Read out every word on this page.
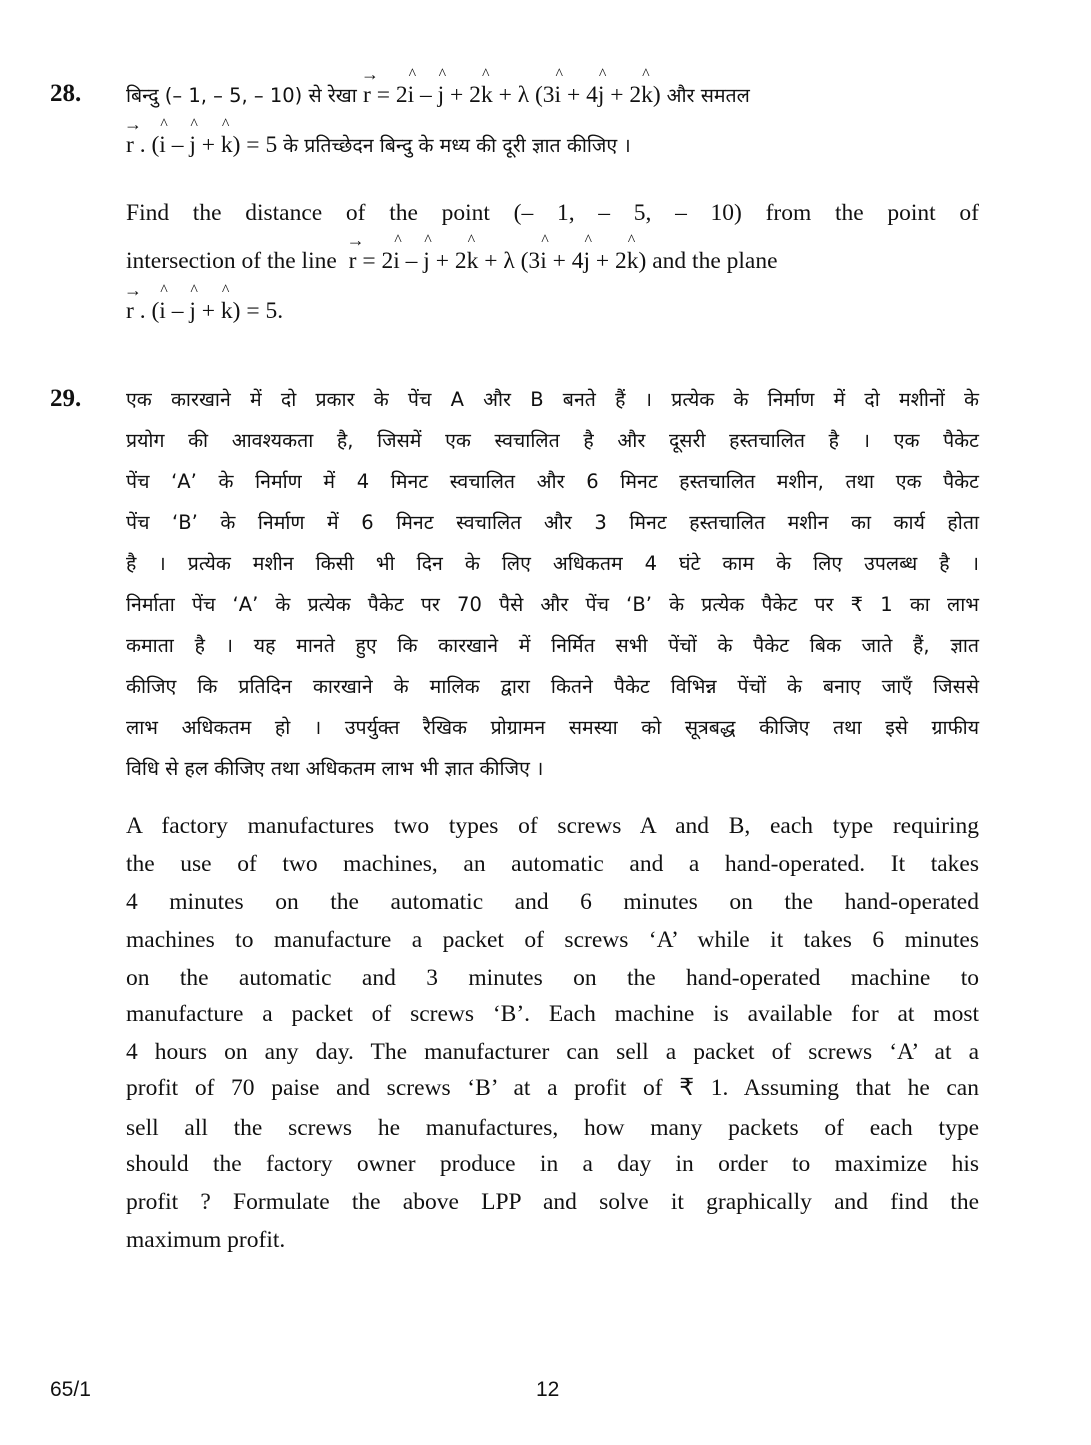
28. बिन्दु (– 1, – 5, – 10) से रेखा
→
r = 2
^
i –
^
j + 2
^
k + λ (3
^
i + 4
^
j + 2
^
k) और समतल
→
r . (
^
i –
^
j +
^
k) = 5 के प्रतिच्छेदन बिन्दु के मध्य की दूरी ज्ञात कीजिए ।
Find the distance of the point (– 1, – 5, – 10) from the point of
intersection of the line
→
r = 2
^
i –
^
j + 2
^
k + λ (3
^
i + 4
^
j + 2
^
k) and the plane
→
r . (
^
i –
^
j +
^
k) = 5.
29. एक कारखाने में दो प्रकार के पेंच A और B बनते हैं । प्रत्येक के निर्माण में दो मशीनों के
प्रयोग की आवश्यकता है, जिसमें एक स्वचालित है और दूसरी हस्तचालित है । एक पैकेट
पेंच ‘A’ के निर्माण में 4 मिनट स्वचालित और 6 मिनट हस्तचालित मशीन, तथा एक पैकेट
पेंच ‘B’ के निर्माण में 6 मिनट स्वचालित और 3 मिनट हस्तचालित मशीन का कार्य होता
है । प्रत्येक मशीन किसी भी दिन के लिए अधिकतम 4 घंटे काम के लिए उपलब्ध है ।
निर्माता पेंच ‘A’ के प्रत्येक पैकेट पर 70 पैसे और पेंच ‘B’ के प्रत्येक पैकेट पर ₹ 1 का लाभ
कमाता है । यह मानते हुए कि कारखाने में निर्मित सभी पेंचों के पैकेट बिक जाते हैं, ज्ञात
कीजिए कि प्रतिदिन कारखाने के मालिक द्वारा कितने पैकेट विभिन्न पेंचों के बनाए जाएँ जिससे
लाभ अधिकतम हो । उपर्युक्त रैखिक प्रोग्रामन समस्या को सूत्रबद्ध कीजिए तथा इसे ग्राफीय
विधि से हल कीजिए तथा अधिकतम लाभ भी ज्ञात कीजिए ।
A factory manufactures two types of screws A and B, each type requiring
the use of two machines, an automatic and a hand-operated. It takes
4 minutes on the automatic and 6 minutes on the hand-operated
machines to manufacture a packet of screws ‘A’ while it takes 6 minutes
on the automatic and 3 minutes on the hand-operated machine to
manufacture a packet of screws ‘B’. Each machine is available for at most
4 hours on any day. The manufacturer can sell a packet of screws ‘A’ at a
profit of 70 paise and screws ‘B’ at a profit of ₹ 1. Assuming that he can
sell all the screws he manufactures, how many packets of each type
should the factory owner produce in a day in order to maximize his
profit ? Formulate the above LPP and solve it graphically and find the
maximum profit.
65/1	12
